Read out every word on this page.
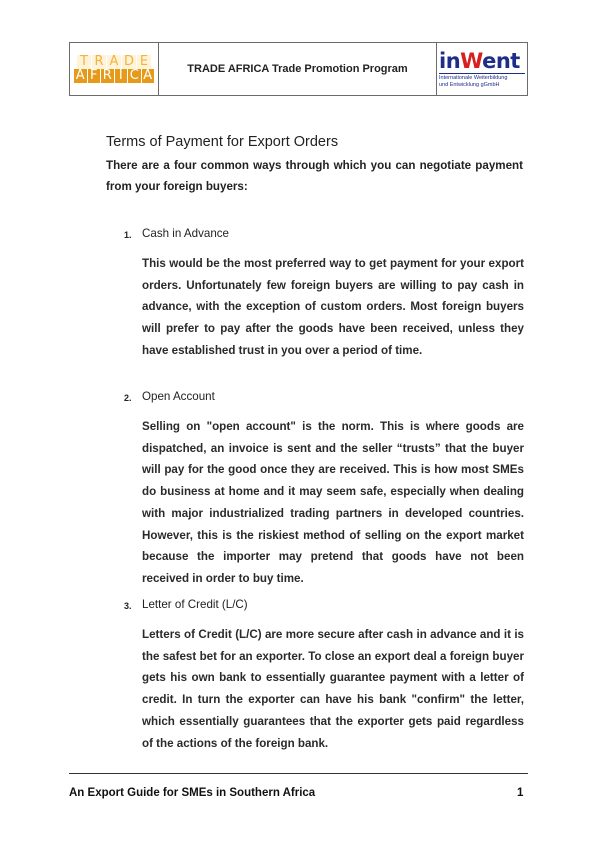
T R A D E
A F R I C A	TRADE AFRICA Trade Promotion Program	inWent
Internationale Weiterbildung
und Entwicklung gGmbH
Terms of Payment for Export Orders
There are a four common ways through which you can negotiate payment from your foreign buyers:
1. Cash in Advance
This would be the most preferred way to get payment for your export orders. Unfortunately few foreign buyers are willing to pay cash in advance, with the exception of custom orders. Most foreign buyers will prefer to pay after the goods have been received, unless they have established trust in you over a period of time.
2. Open Account
Selling on "open account" is the norm. This is where goods are dispatched, an invoice is sent and the seller “trusts” that the buyer will pay for the good once they are received. This is how most SMEs do business at home and it may seem safe, especially when dealing with major industrialized trading partners in developed countries. However, this is the riskiest method of selling on the export market because the importer may pretend that goods have not been received in order to buy time.
3. Letter of Credit (L/C)
Letters of Credit (L/C) are more secure after cash in advance and it is the safest bet for an exporter. To close an export deal a foreign buyer gets his own bank to essentially guarantee payment with a letter of credit. In turn the exporter can have his bank "confirm" the letter, which essentially guarantees that the exporter gets paid regardless of the actions of the foreign bank.
An Export Guide for SMEs in Southern Africa	1
